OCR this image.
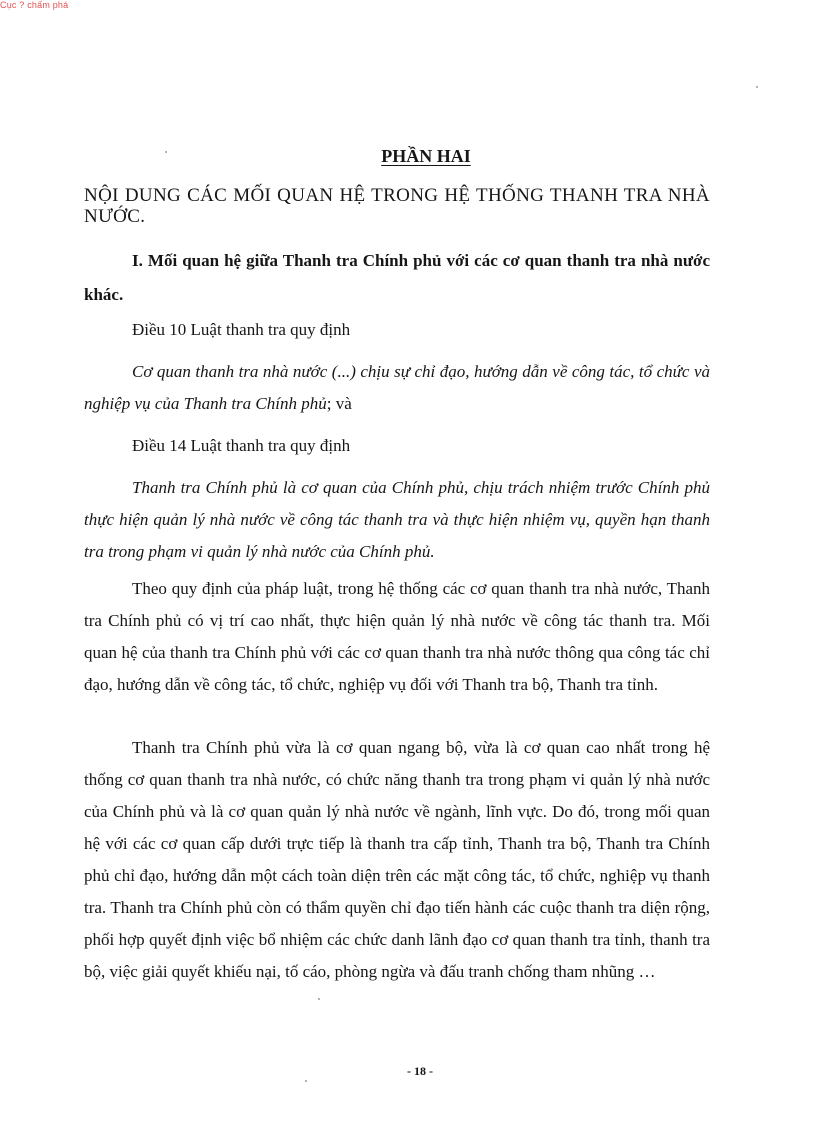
Cục ? chấm phá
PHẦN HAI

NỘI DUNG CÁC MỐI QUAN HỆ TRONG HỆ THỐNG THANH TRA NHÀ NƯỚC.

I. Mối quan hệ giữa Thanh tra Chính phủ với các cơ quan thanh tra nhà nước khác.

Điều 10 Luật thanh tra quy định

Cơ quan thanh tra nhà nước (...) chịu sự chỉ đạo, hướng dẫn về công tác, tổ chức và nghiệp vụ của Thanh tra Chính phủ; và

Điều 14 Luật thanh tra quy định

Thanh tra Chính phủ là cơ quan của Chính phủ, chịu trách nhiệm trước Chính phủ thực hiện quản lý nhà nước về công tác thanh tra và thực hiện nhiệm vụ, quyền hạn thanh tra trong phạm vi quản lý nhà nước của Chính phủ.

Theo quy định của pháp luật, trong hệ thống các cơ quan thanh tra nhà nước, Thanh tra Chính phủ có vị trí cao nhất, thực hiện quản lý nhà nước về công tác thanh tra. Mối quan hệ của thanh tra Chính phủ với các cơ quan thanh tra nhà nước thông qua công tác chỉ đạo, hướng dẫn về công tác, tổ chức, nghiệp vụ đối với Thanh tra bộ, Thanh tra tỉnh.

Thanh tra Chính phủ vừa là cơ quan ngang bộ, vừa là cơ quan cao nhất trong hệ thống cơ quan thanh tra nhà nước, có chức năng thanh tra trong phạm vi quản lý nhà nước của Chính phủ và là cơ quan quản lý nhà nước về ngành, lĩnh vực. Do đó, trong mối quan hệ với các cơ quan cấp dưới trực tiếp là thanh tra cấp tỉnh, Thanh tra bộ, Thanh tra Chính phủ chỉ đạo, hướng dẫn một cách toàn diện trên các mặt công tác, tổ chức, nghiệp vụ thanh tra. Thanh tra Chính phủ còn có thẩm quyền chỉ đạo tiến hành các cuộc thanh tra diện rộng, phối hợp quyết định việc bổ nhiệm các chức danh lãnh đạo cơ quan thanh tra tỉnh, thanh tra bộ, việc giải quyết khiếu nại, tố cáo, phòng ngừa và đấu tranh chống tham nhũng …

- 18 -
